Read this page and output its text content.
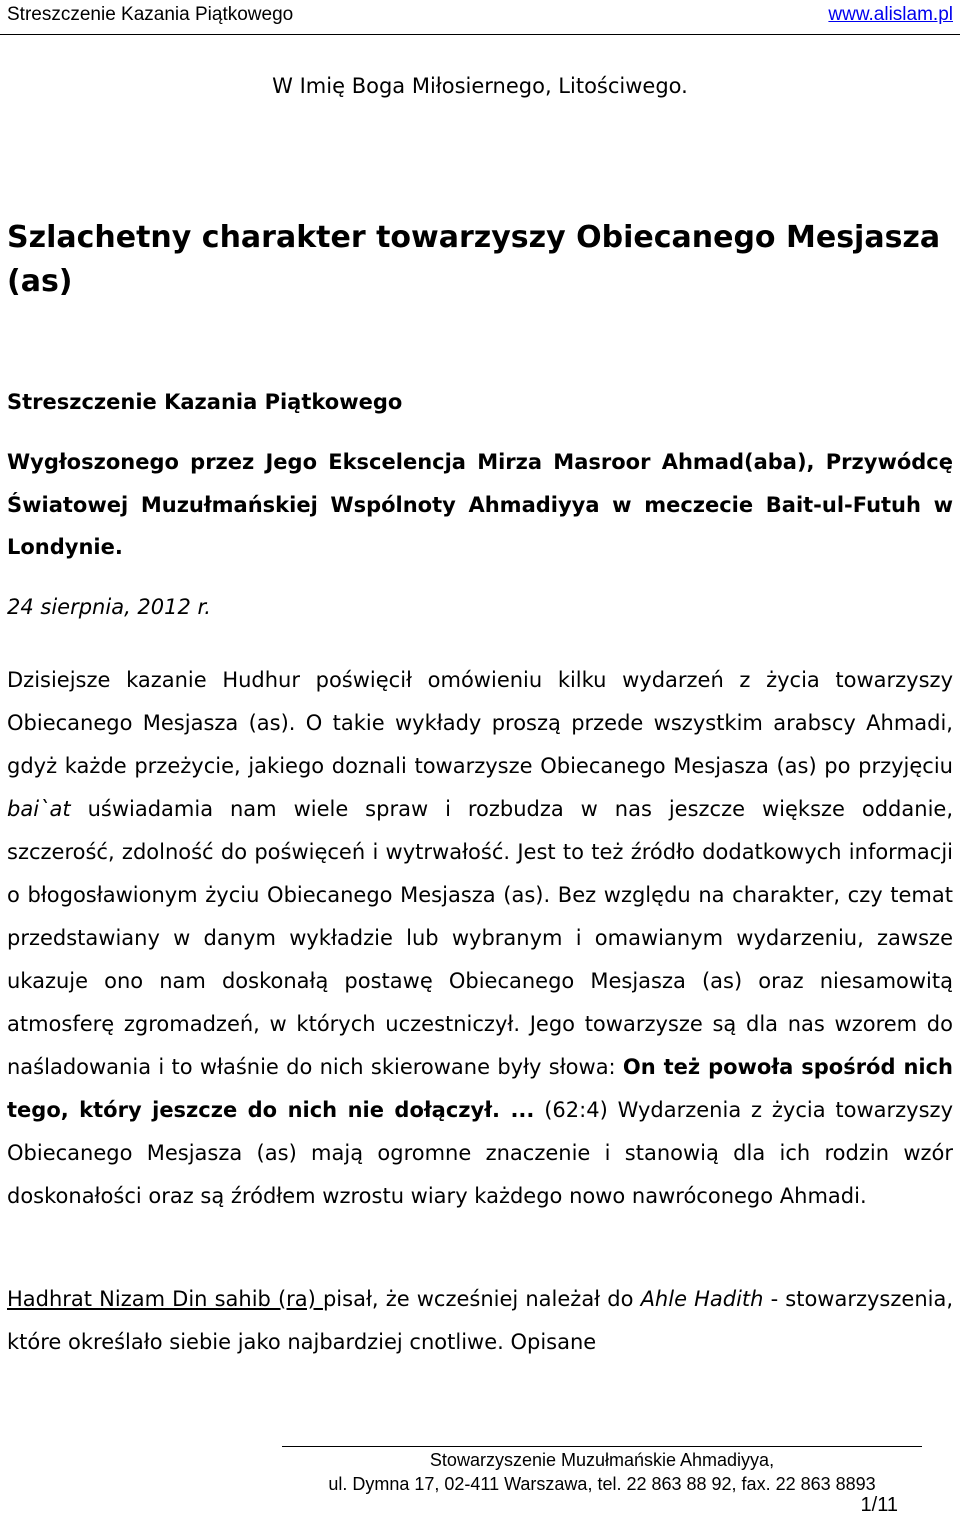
Streszczenie Kazania Piątkowego	www.alislam.pl

W Imię Boga Miłosiernego, Litościwego.

Szlachetny charakter towarzyszy Obiecanego Mesjasza (as)

Streszczenie Kazania Piątkowego

Wygłoszonego przez Jego Ekscelencja Mirza Masroor Ahmad(aba), Przywódcę Światowej Muzułmańskiej Wspólnoty Ahmadiyya w meczecie Bait-ul-Futuh w Londynie.

24 sierpnia, 2012 r.

Dzisiejsze kazanie Hudhur poświęcił omówieniu kilku wydarzeń z życia towarzyszy Obiecanego Mesjasza (as). O takie wykłady proszą przede wszystkim arabscy Ahmadi, gdyż każde przeżycie, jakiego doznali towarzysze Obiecanego Mesjasza (as) po przyjęciu bai`at uświadamia nam wiele spraw i rozbudza w nas jeszcze większe oddanie, szczerość, zdolność do poświęceń i wytrwałość. Jest to też źródło dodatkowych informacji o błogosławionym życiu Obiecanego Mesjasza (as). Bez względu na charakter, czy temat przedstawiany w danym wykładzie lub wybranym i omawianym wydarzeniu, zawsze ukazuje ono nam doskonałą postawę Obiecanego Mesjasza (as) oraz niesamowitą atmosferę zgromadzeń, w których uczestniczył. Jego towarzysze są dla nas wzorem do naśladowania i to właśnie do nich skierowane były słowa: On też powoła spośród nich tego, który jeszcze do nich nie dołączył. ... (62:4) Wydarzenia z życia towarzyszy Obiecanego Mesjasza (as) mają ogromne znaczenie i stanowią dla ich rodzin wzór doskonałości oraz są źródłem wzrostu wiary każdego nowo nawróconego Ahmadi.

Hadhrat Nizam Din sahib (ra) pisał, że wcześniej należał do Ahle Hadith - stowarzyszenia, które określało siebie jako najbardziej cnotliwe. Opisane

Stowarzyszenie Muzułmańskie Ahmadiyya,
ul. Dymna 17, 02-411 Warszawa, tel. 22 863 88 92, fax. 22 863 8893
1/11
